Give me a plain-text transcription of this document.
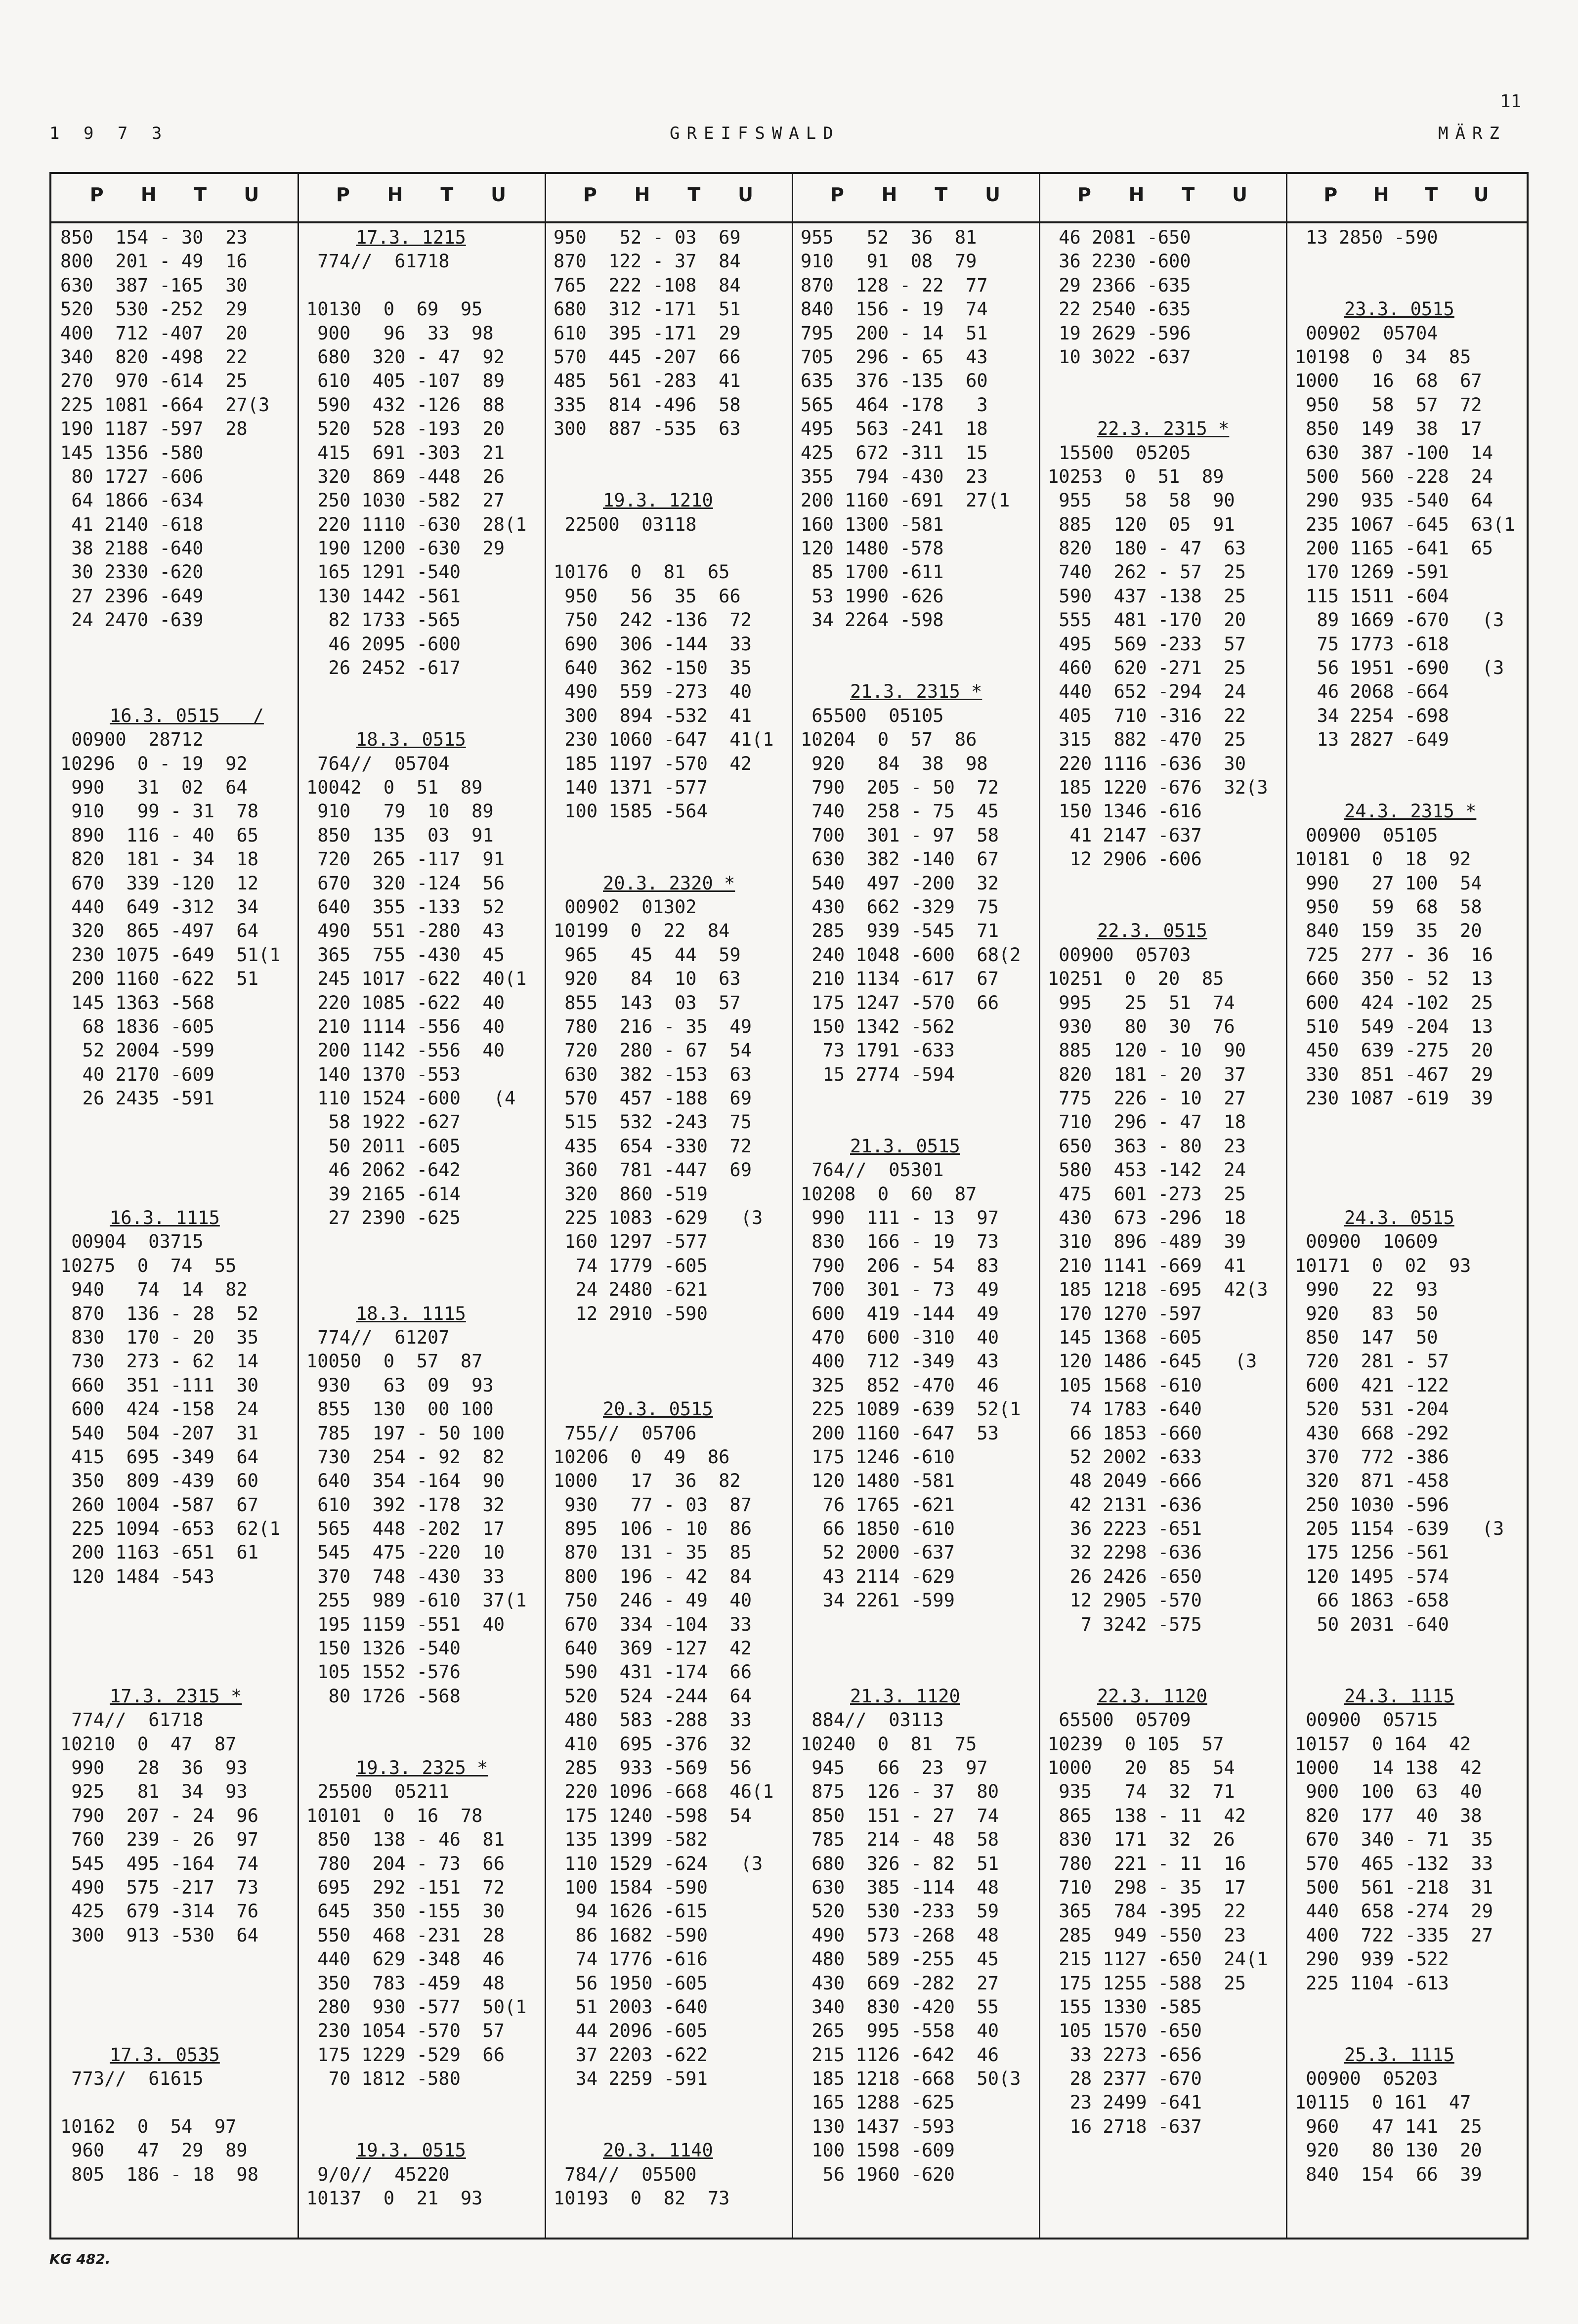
1 9 7 3	GREIFSWALD	MÄRZ
11
P H T U
850  154 - 30  23
800  201 - 49  16
630  387 -165  30
520  530 -252  29
400  712 -407  20
340  820 -498  22
270  970 -614  25
225 1081 -664  27(3
190 1187 -597  28
145 1356 -580
80 1727 -606
64 1866 -634
41 2140 -618
38 2188 -640
30 2330 -620
27 2396 -649
24 2470 -639
16.3. 0515   /
00900  28712
10296  0 - 19  92
990   31  02  64
910   99 - 31  78
890  116 - 40  65
820  181 - 34  18
670  339 -120  12
440  649 -312  34
320  865 -497  64
230 1075 -649  51(1
200 1160 -622  51
145 1363 -568
68 1836 -605
52 2004 -599
40 2170 -609
26 2435 -591
16.3. 1115
00904  03715
10275  0  74  55
940   74  14  82
870  136 - 28  52
830  170 - 20  35
730  273 - 62  14
660  351 -111  30
600  424 -158  24
540  504 -207  31
415  695 -349  64
350  809 -439  60
260 1004 -587  67
225 1094 -653  62(1
200 1163 -651  61
120 1484 -543
17.3. 2315 *
774//  61718
10210  0  47  87
990   28  36  93
925   81  34  93
790  207 - 24  96
760  239 - 26  97
545  495 -164  74
490  575 -217  73
425  679 -314  76
300  913 -530  64
17.3. 0535
773//  61615
10162  0  54  97
960   47  29  89
805  186 - 18  98
P H T U
17.3. 1215
774//  61718
10130  0  69  95
900   96  33  98
680  320 - 47  92
610  405 -107  89
590  432 -126  88
520  528 -193  20
415  691 -303  21
320  869 -448  26
250 1030 -582  27
220 1110 -630  28(1
190 1200 -630  29
165 1291 -540
130 1442 -561
82 1733 -565
46 2095 -600
26 2452 -617
18.3. 0515
764//  05704
10042  0  51  89
910   79  10  89
850  135  03  91
720  265 -117  91
670  320 -124  56
640  355 -133  52
490  551 -280  43
365  755 -430  45
245 1017 -622  40(1
220 1085 -622  40
210 1114 -556  40
200 1142 -556  40
140 1370 -553
110 1524 -600   (4
58 1922 -627
50 2011 -605
46 2062 -642
39 2165 -614
27 2390 -625
18.3. 1115
774//  61207
10050  0  57  87
930   63  09  93
855  130  00 100
785  197 - 50 100
730  254 - 92  82
640  354 -164  90
610  392 -178  32
565  448 -202  17
545  475 -220  10
370  748 -430  33
255  989 -610  37(1
195 1159 -551  40
150 1326 -540
105 1552 -576
80 1726 -568
19.3. 2325 *
25500  05211
10101  0  16  78
850  138 - 46  81
780  204 - 73  66
695  292 -151  72
645  350 -155  30
550  468 -231  28
440  629 -348  46
350  783 -459  48
280  930 -577  50(1
230 1054 -570  57
175 1229 -529  66
70 1812 -580
19.3. 0515
9/0//  45220
10137  0  21  93
P H T U
950   52 - 03  69
870  122 - 37  84
765  222 -108  84
680  312 -171  51
610  395 -171  29
570  445 -207  66
485  561 -283  41
335  814 -496  58
300  887 -535  63
19.3. 1210
22500  03118
10176  0  81  65
950   56  35  66
750  242 -136  72
690  306 -144  33
640  362 -150  35
490  559 -273  40
300  894 -532  41
230 1060 -647  41(1
185 1197 -570  42
140 1371 -577
100 1585 -564
20.3. 2320 *
00902  01302
10199  0  22  84
965   45  44  59
920   84  10  63
855  143  03  57
780  216 - 35  49
720  280 - 67  54
630  382 -153  63
570  457 -188  69
515  532 -243  75
435  654 -330  72
360  781 -447  69
320  860 -519
225 1083 -629   (3
160 1297 -577
74 1779 -605
24 2480 -621
12 2910 -590
20.3. 0515
755//  05706
10206  0  49  86
1000   17  36  82
930   77 - 03  87
895  106 - 10  86
870  131 - 35  85
800  196 - 42  84
750  246 - 49  40
670  334 -104  33
640  369 -127  42
590  431 -174  66
520  524 -244  64
480  583 -288  33
410  695 -376  32
285  933 -569  56
220 1096 -668  46(1
175 1240 -598  54
135 1399 -582
110 1529 -624   (3
100 1584 -590
94 1626 -615
86 1682 -590
74 1776 -616
56 1950 -605
51 2003 -640
44 2096 -605
37 2203 -622
34 2259 -591
20.3. 1140
784//  05500
10193  0  82  73
P H T U
955   52  36  81
910   91  08  79
870  128 - 22  77
840  156 - 19  74
795  200 - 14  51
705  296 - 65  43
635  376 -135  60
565  464 -178   3
495  563 -241  18
425  672 -311  15
355  794 -430  23
200 1160 -691  27(1
160 1300 -581
120 1480 -578
85 1700 -611
53 1990 -626
34 2264 -598
21.3. 2315 *
65500  05105
10204  0  57  86
920   84  38  98
790  205 - 50  72
740  258 - 75  45
700  301 - 97  58
630  382 -140  67
540  497 -200  32
430  662 -329  75
285  939 -545  71
240 1048 -600  68(2
210 1134 -617  67
175 1247 -570  66
150 1342 -562
73 1791 -633
15 2774 -594
21.3. 0515
764//  05301
10208  0  60  87
990  111 - 13  97
830  166 - 19  73
790  206 - 54  83
700  301 - 73  49
600  419 -144  49
470  600 -310  40
400  712 -349  43
325  852 -470  46
225 1089 -639  52(1
200 1160 -647  53
175 1246 -610
120 1480 -581
76 1765 -621
66 1850 -610
52 2000 -637
43 2114 -629
34 2261 -599
21.3. 1120
884//  03113
10240  0  81  75
945   66  23  97
875  126 - 37  80
850  151 - 27  74
785  214 - 48  58
680  326 - 82  51
630  385 -114  48
520  530 -233  59
490  573 -268  48
480  589 -255  45
430  669 -282  27
340  830 -420  55
265  995 -558  40
215 1126 -642  46
185 1218 -668  50(3
165 1288 -625
130 1437 -593
100 1598 -609
56 1960 -620
P H T U
46 2081 -650
36 2230 -600
29 2366 -635
22 2540 -635
19 2629 -596
10 3022 -637
22.3. 2315 *
15500  05205
10253  0  51  89
955   58  58  90
885  120  05  91
820  180 - 47  63
740  262 - 57  25
590  437 -138  25
555  481 -170  20
495  569 -233  57
460  620 -271  25
440  652 -294  24
405  710 -316  22
315  882 -470  25
220 1116 -636  30
185 1220 -676  32(3
150 1346 -616
41 2147 -637
12 2906 -606
22.3. 0515
00900  05703
10251  0  20  85
995   25  51  74
930   80  30  76
885  120 - 10  90
820  181 - 20  37
775  226 - 10  27
710  296 - 47  18
650  363 - 80  23
580  453 -142  24
475  601 -273  25
430  673 -296  18
310  896 -489  39
210 1141 -669  41
185 1218 -695  42(3
170 1270 -597
145 1368 -605
120 1486 -645   (3
105 1568 -610
74 1783 -640
66 1853 -660
52 2002 -633
48 2049 -666
42 2131 -636
36 2223 -651
32 2298 -636
26 2426 -650
12 2905 -570
7 3242 -575
22.3. 1120
65500  05709
10239  0 105  57
1000   20  85  54
935   74  32  71
865  138 - 11  42
830  171  32  26
780  221 - 11  16
710  298 - 35  17
365  784 -395  22
285  949 -550  23
215 1127 -650  24(1
175 1255 -588  25
155 1330 -585
105 1570 -650
33 2273 -656
28 2377 -670
23 2499 -641
16 2718 -637
P H T U
13 2850 -590
23.3. 0515
00902  05704
10198  0  34  85
1000   16  68  67
950   58  57  72
850  149  38  17
630  387 -100  14
500  560 -228  24
290  935 -540  64
235 1067 -645  63(1
200 1165 -641  65
170 1269 -591
115 1511 -604
89 1669 -670   (3
75 1773 -618
56 1951 -690   (3
46 2068 -664
34 2254 -698
13 2827 -649
24.3. 2315 *
00900  05105
10181  0  18  92
990   27 100  54
950   59  68  58
840  159  35  20
725  277 - 36  16
660  350 - 52  13
600  424 -102  25
510  549 -204  13
450  639 -275  20
330  851 -467  29
230 1087 -619  39
24.3. 0515
00900  10609
10171  0  02  93
990   22  93
920   83  50
850  147  50
720  281 - 57
600  421 -122
520  531 -204
430  668 -292
370  772 -386
320  871 -458
250 1030 -596
205 1154 -639   (3
175 1256 -561
120 1495 -574
66 1863 -658
50 2031 -640
24.3. 1115
00900  05715
10157  0 164  42
1000   14 138  42
900  100  63  40
820  177  40  38
670  340 - 71  35
570  465 -132  33
500  561 -218  31
440  658 -274  29
400  722 -335  27
290  939 -522
225 1104 -613
25.3. 1115
00900  05203
10115  0 161  47
960   47 141  25
920   80 130  20
840  154  66  39
KG 482.
